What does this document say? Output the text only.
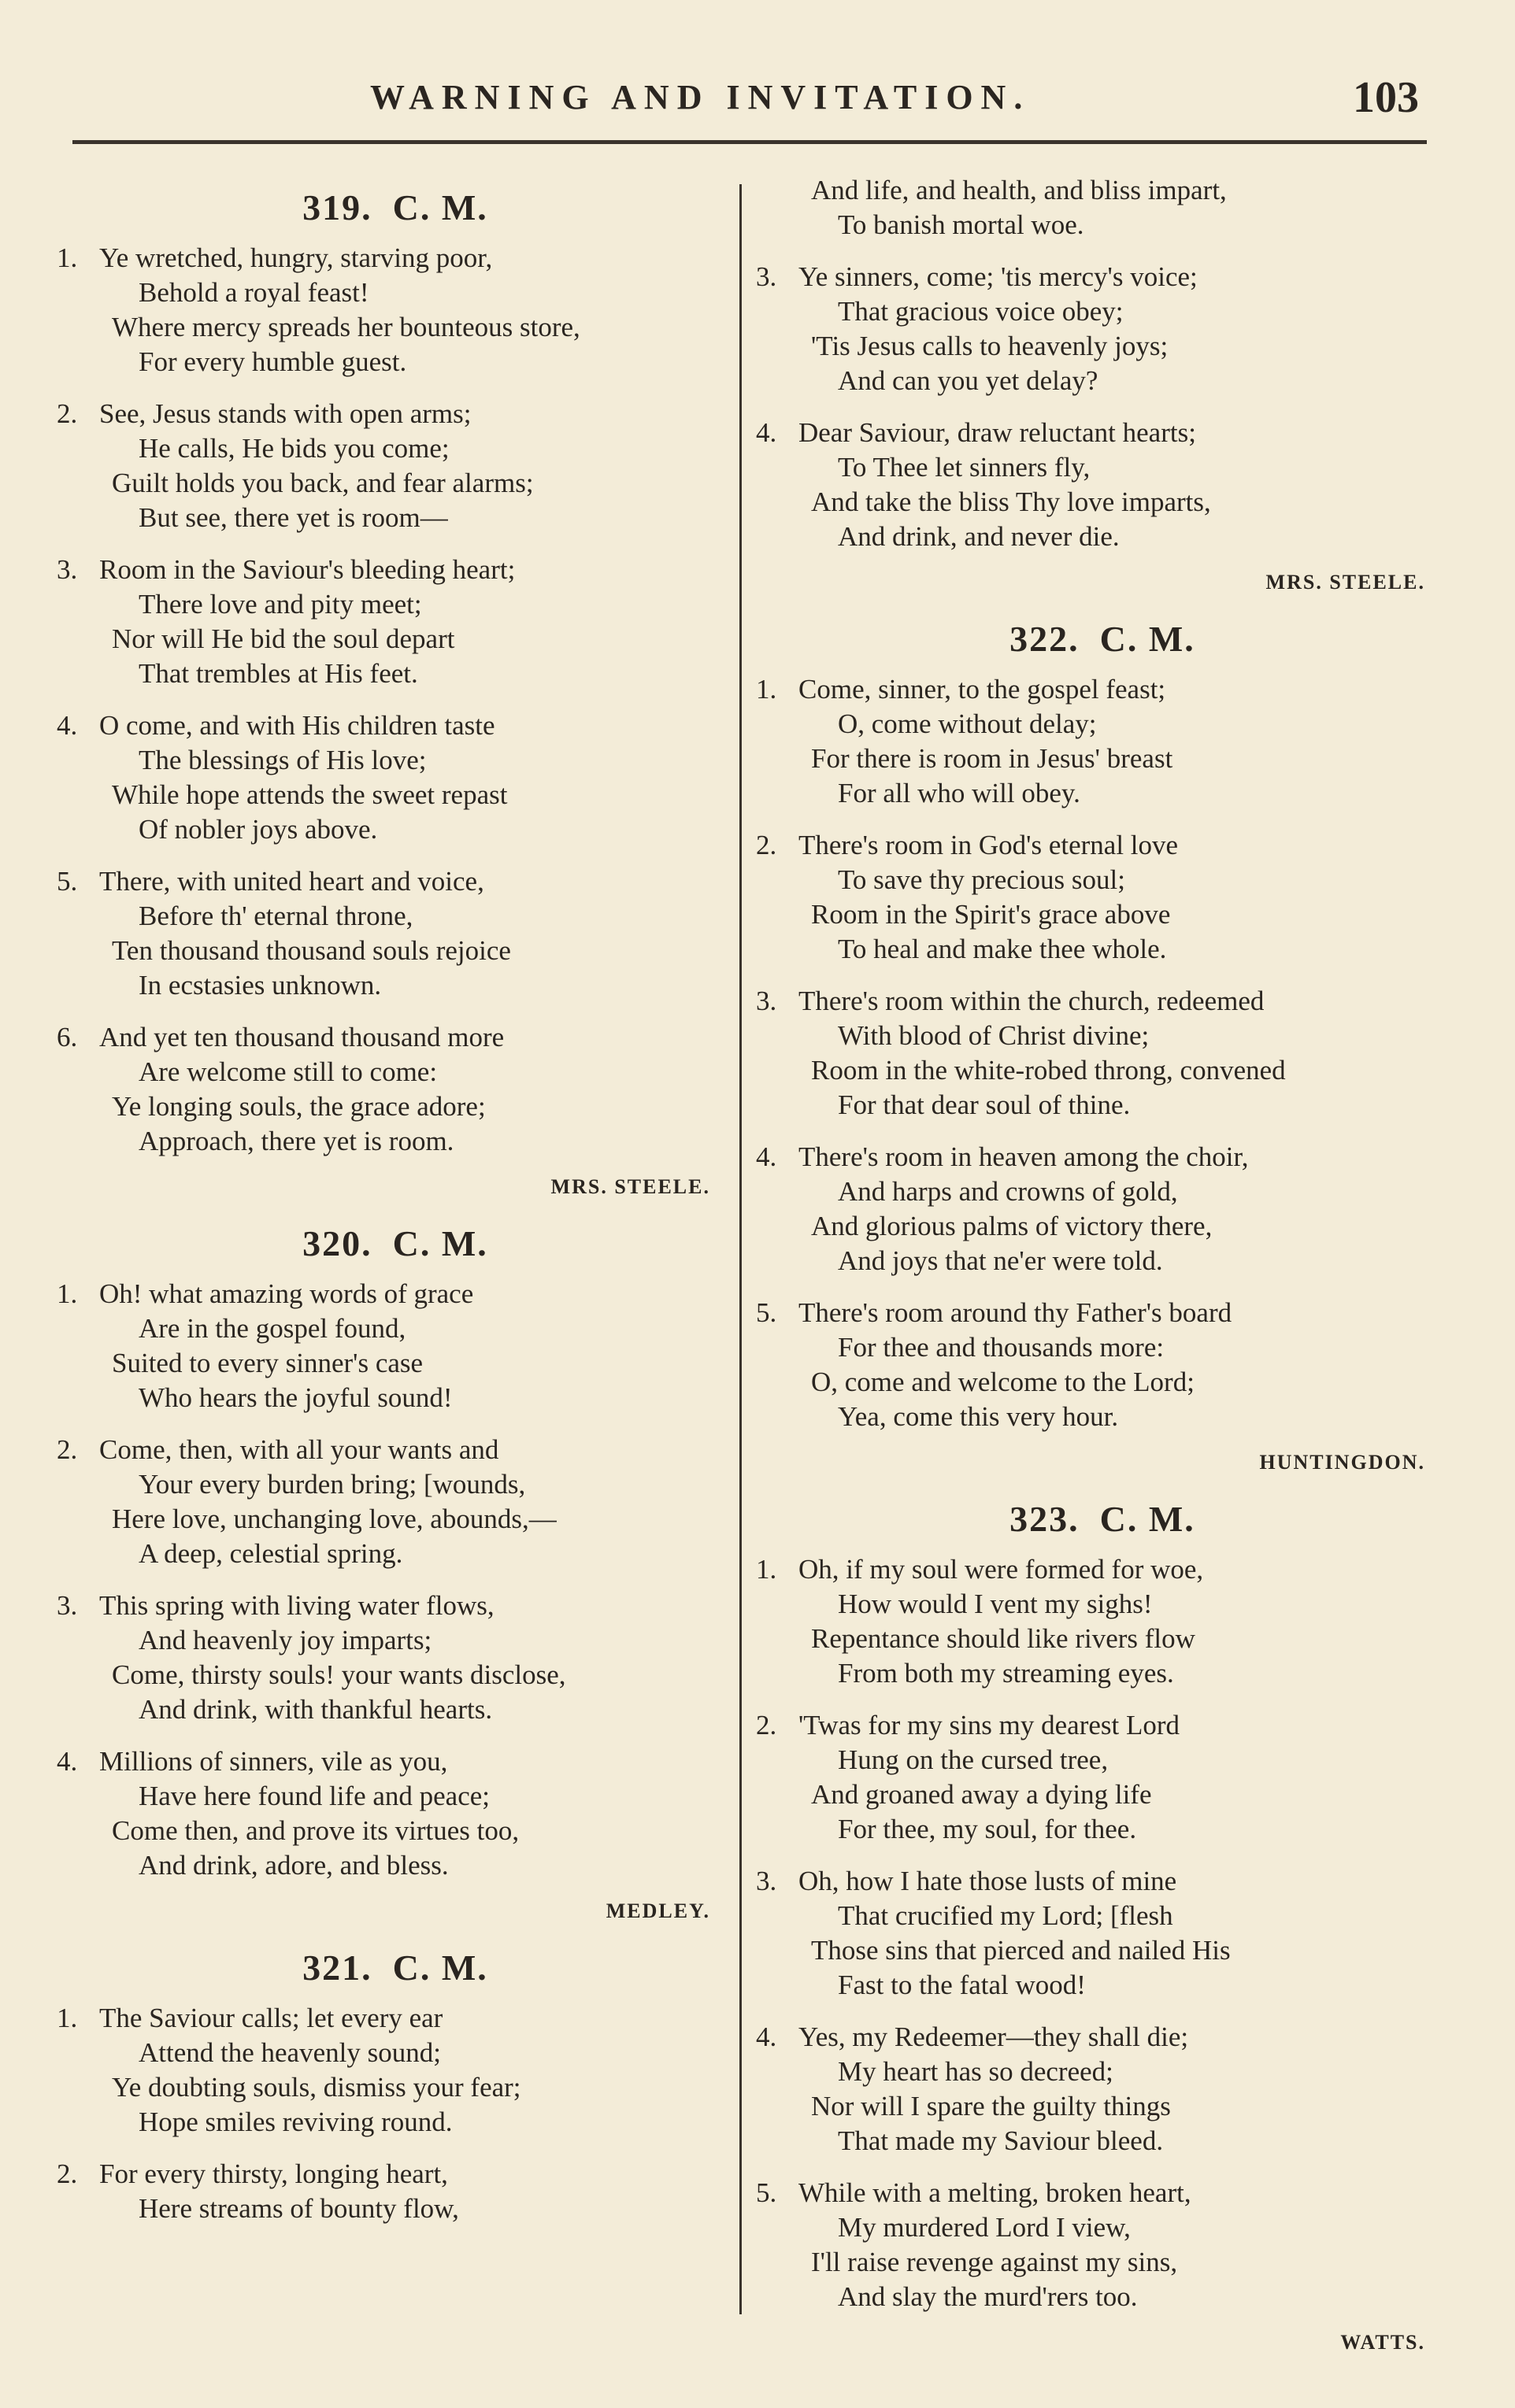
WARNING AND INVITATION.	103
319. C. M.
1. Ye wretched, hungry, starving poor,
Behold a royal feast!
Where mercy spreads her bounteous store,
For every humble guest.
2. See, Jesus stands with open arms;
He calls, He bids you come;
Guilt holds you back, and fear alarms;
But see, there yet is room—
3. Room in the Saviour's bleeding heart;
There love and pity meet;
Nor will He bid the soul depart
That trembles at His feet.
4. O come, and with His children taste
The blessings of His love;
While hope attends the sweet repast
Of nobler joys above.
5. There, with united heart and voice,
Before th' eternal throne,
Ten thousand thousand souls rejoice
In ecstasies unknown.
6. And yet ten thousand thousand more
Are welcome still to come:
Ye longing souls, the grace adore;
Approach, there yet is room.
MRS. STEELE.
320. C. M.
1. Oh! what amazing words of grace
Are in the gospel found,
Suited to every sinner's case
Who hears the joyful sound!
2. Come, then, with all your wants and
Your every burden bring; [wounds,
Here love, unchanging love, abounds,—
A deep, celestial spring.
3. This spring with living water flows,
And heavenly joy imparts;
Come, thirsty souls! your wants disclose,
And drink, with thankful hearts.
4. Millions of sinners, vile as you,
Have here found life and peace;
Come then, and prove its virtues too,
And drink, adore, and bless.
MEDLEY.
321. C. M.
1. The Saviour calls; let every ear
Attend the heavenly sound;
Ye doubting souls, dismiss your fear;
Hope smiles reviving round.
2. For every thirsty, longing heart,
Here streams of bounty flow,
And life, and health, and bliss impart,
To banish mortal woe.
3. Ye sinners, come; 'tis mercy's voice;
That gracious voice obey;
'Tis Jesus calls to heavenly joys;
And can you yet delay?
4. Dear Saviour, draw reluctant hearts;
To Thee let sinners fly,
And take the bliss Thy love imparts,
And drink, and never die.
MRS. STEELE.
322. C. M.
1. Come, sinner, to the gospel feast;
O, come without delay;
For there is room in Jesus' breast
For all who will obey.
2. There's room in God's eternal love
To save thy precious soul;
Room in the Spirit's grace above
To heal and make thee whole.
3. There's room within the church, redeemed
With blood of Christ divine;
Room in the white-robed throng, convened
For that dear soul of thine.
4. There's room in heaven among the choir,
And harps and crowns of gold,
And glorious palms of victory there,
And joys that ne'er were told.
5. There's room around thy Father's board
For thee and thousands more:
O, come and welcome to the Lord;
Yea, come this very hour.
HUNTINGDON.
323. C. M.
1. Oh, if my soul were formed for woe,
How would I vent my sighs!
Repentance should like rivers flow
From both my streaming eyes.
2. 'Twas for my sins my dearest Lord
Hung on the cursed tree,
And groaned away a dying life
For thee, my soul, for thee.
3. Oh, how I hate those lusts of mine
That crucified my Lord; [flesh
Those sins that pierced and nailed His
Fast to the fatal wood!
4. Yes, my Redeemer—they shall die;
My heart has so decreed;
Nor will I spare the guilty things
That made my Saviour bleed.
5. While with a melting, broken heart,
My murdered Lord I view,
I'll raise revenge against my sins,
And slay the murd'rers too.
WATTS.
